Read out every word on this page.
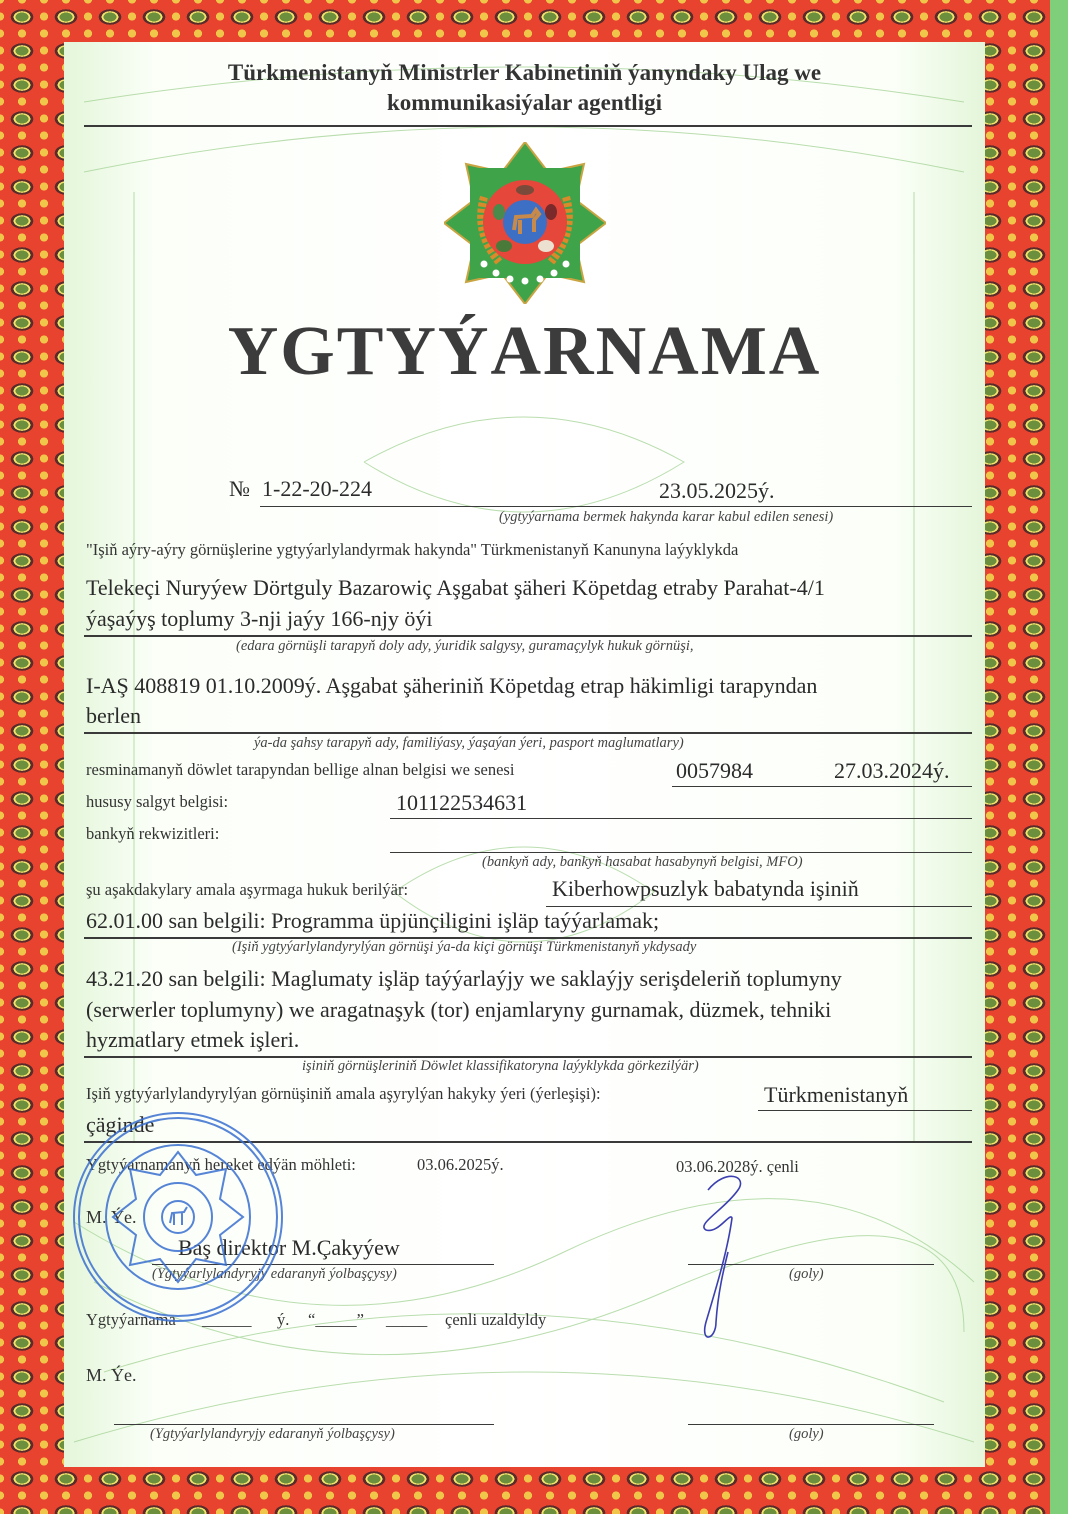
Türkmenistanyň Ministrler Kabinetiniň ýanyndaky Ulag we
kommunikasiýalar agentligi
YGTYÝARNAMA
№ 1-22-20-224	23.05.2025ý.
(ygtyýarnama bermek hakynda karar kabul edilen senesi)
"Işiň aýry-aýry görnüşlerine ygtyýarlylandyrmak hakynda" Türkmenistanyň Kanunyna laýyklykda
Telekeçi Nuryýew Dörtguly Bazarowiç Aşgabat şäheri Köpetdag etraby Parahat-4/1
ýaşaýyş toplumy 3-nji jaýy 166-njy öýi
(edara görnüşli tarapyň doly ady, ýuridik salgysy, guramaçylyk hukuk görnüşi,
I-AŞ 408819 01.10.2009ý. Aşgabat şäheriniň Köpetdag etrap häkimligi tarapyndan
berlen
ýa-da şahsy tarapyň ady, familiýasy, ýaşaýan ýeri, pasport maglumatlary)
resminamanyň döwlet tarapyndan bellige alnan belgisi we senesi	0057984	27.03.2024ý.
hususy salgyt belgisi:	101122534631
bankyň rekwizitleri:
(bankyň ady, bankyň hasabat hasabynyň belgisi, MFO)
şu aşakdakylary amala aşyrmaga hukuk berilýär:	Kiberhowpsuzlyk babatynda işiniň
62.01.00 san belgili: Programma üpjünçiligini işläp taýýarlamak;
(Işiň ygtyýarlylandyrylýan görnüşi ýa-da kiçi görnüşi Türkmenistanyň ykdysady
43.21.20 san belgili: Maglumaty işläp taýýarlaýjy we saklaýjy serişdeleriň toplumyny
(serwerler toplumyny) we aragatnaşyk (tor) enjamlaryny gurnamak, düzmek, tehniki
hyzmatlary etmek işleri.
işiniň görnüşleriniň Döwlet klassifikatoryna laýyklykda görkezilýär)
Işiň ygtyýarlylandyrylýan görnüşiniň amala aşyrylýan hakyky ýeri (ýerleşişi):	Türkmenistanyň
çäginde
Ygtyýarnamanyň hereket edýän möhleti:	03.06.2025ý.	03.06.2028ý. çenli
M. Ýe.
Baş direktor M.Çakyýew
(Ygtyýarlylandyryjy edaranyň ýolbaşçysy)	(goly)
Ygtyýarnama ______ ý. “_____” _____ çenli uzaldyldy
M. Ýe.
(Ygtyýarlylandyryjy edaranyň ýolbaşçysy)	(goly)
